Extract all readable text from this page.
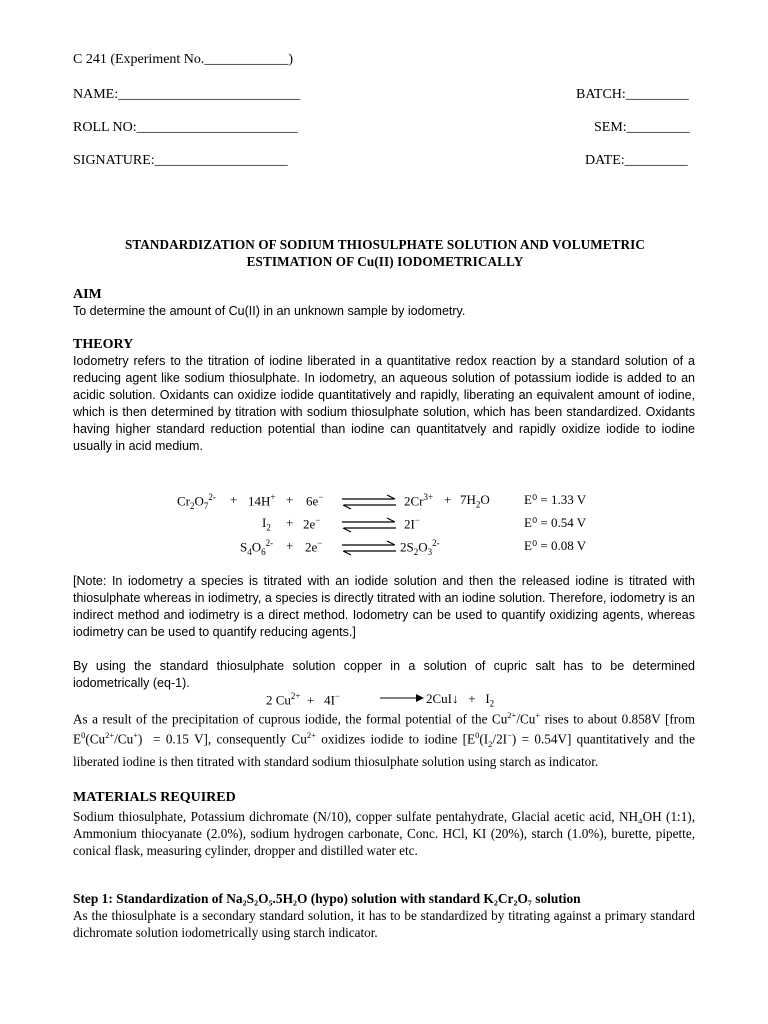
C 241 (Experiment No.____________)
NAME:__________________________	BATCH:_________
ROLL NO:_______________________	SEM:_________
SIGNATURE:___________________	DATE:_________
STANDARDIZATION OF SODIUM THIOSULPHATE SOLUTION AND VOLUMETRIC
ESTIMATION OF Cu(II) IODOMETRICALLY
AIM
To determine the amount of Cu(II) in an unknown sample by iodometry.
THEORY
Iodometry refers to the titration of iodine liberated in a quantitative redox reaction by a standard solution of a reducing agent like sodium thiosulphate. In iodometry, an aqueous solution of potassium iodide is added to an acidic solution. Oxidants can oxidize iodide quantitatively and rapidly, liberating an equivalent amount of iodine, which is then determined by titration with sodium thiosulphate solution, which has been standardized. Oxidants having higher standard reduction potential than iodine can quantitatvely and rapidly oxidize iodide to iodine usually in acid medium.
$Cr_2O_7^{2-} + 14H^+ + 6e^-$ ⇌ $2Cr^{3+} + 7H_2O$	E⁰ = 1.33 V
$I_2 + 2e^-$ ⇌ 2I−	E⁰ = 0.54 V
$S_4O_6^{2-} + 2e^-$ ⇌ $2S_2O_3^{2-}$	E⁰ = 0.08 V
[Note: In iodometry a species is titrated with an iodide solution and then the released iodine is titrated with thiosulphate whereas in iodimetry, a species is directly titrated with an iodine solution. Therefore, iodometry is an indirect method and iodimetry is a direct method. Iodometry can be used to quantify oxidizing agents, whereas iodimetry can be used to quantify reducing agents.]
By using the standard thiosulphate solution copper in a solution of cupric salt has to be determined iodometrically (eq-1).
2 $Cu^{2+} + 4I^-$ → 2CuI↓   +   $I_2$
As a result of the precipitation of cuprous iodide, the formal potential of the $Cu^{2+}/Cu^+$ rises to about 0.858V [from $E^0(Cu^{2+}/Cu^+) = 0.15$ V], consequently $Cu^{2+}$ oxidizes iodide to iodine $[E^0(I_2/2I^-) = 0.54V]$ quantitatively and the liberated iodine is then titrated with standard sodium thiosulphate solution using starch as indicator.
MATERIALS REQUIRED
Sodium thiosulphate, Potassium dichromate (N/10), copper sulfate pentahydrate, Glacial acetic acid, NH₄OH (1:1), Ammonium thiocyanate (2.0%), sodium hydrogen carbonate, Conc. HCl, KI (20%), starch (1.0%), burette, pipette, conical flask, measuring cylinder, dropper and distilled water etc.
Step 1: Standardization of Na₂S₂O₅.5H₂O (hypo) solution with standard K₂Cr₂O₇ solution
As the thiosulphate is a secondary standard solution, it has to be standardized by titrating against a primary standard dichromate solution iodometrically using starch indicator.
